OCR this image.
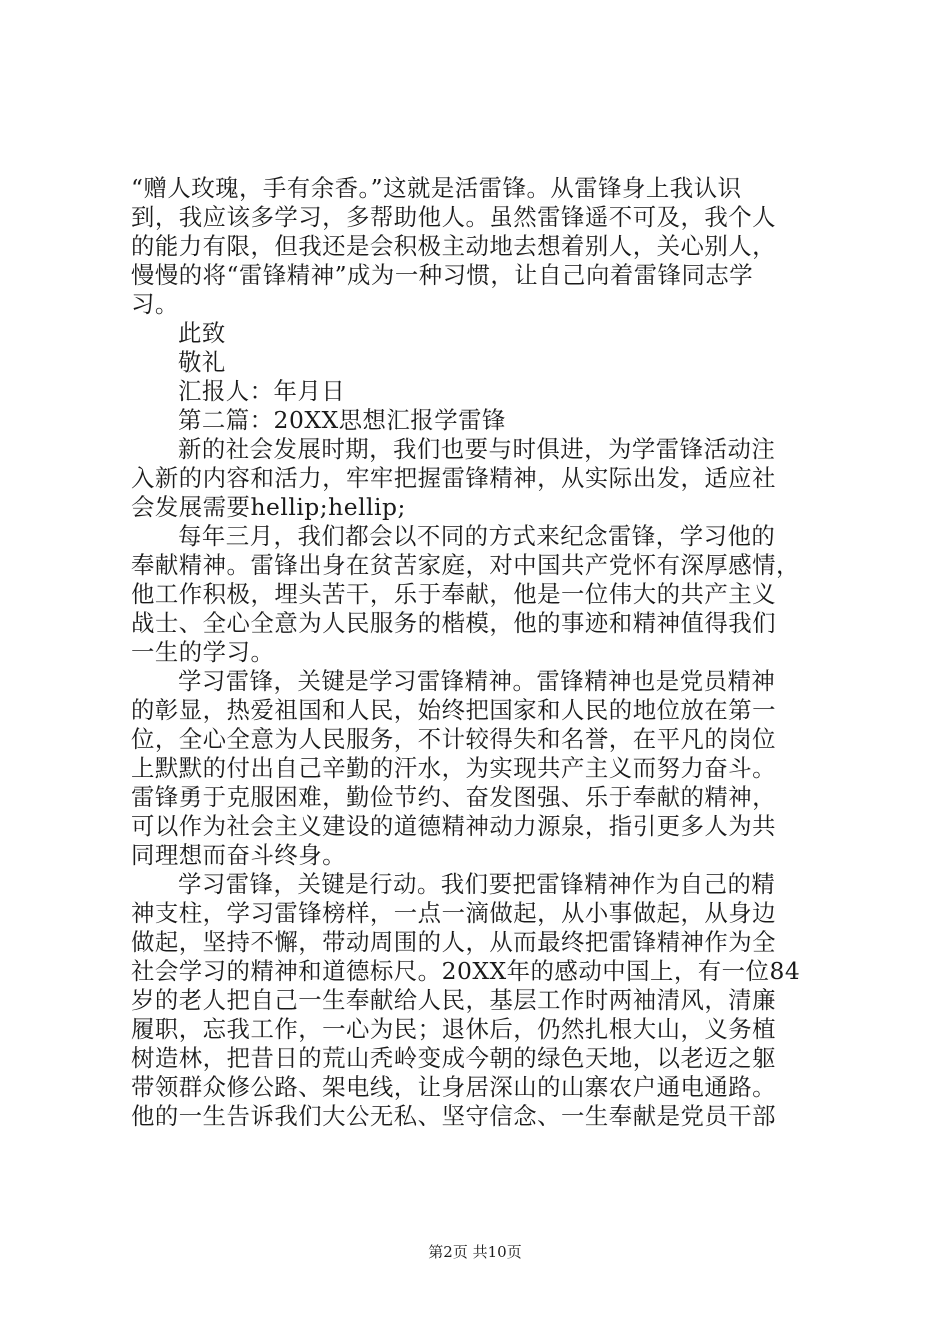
“赠人玫瑰，手有余香。”这就是活雷锋。从雷锋身上我认识
到，我应该多学习，多帮助他人。虽然雷锋遥不可及，我个人
的能力有限，但我还是会积极主动地去想着别人，关心别人，
慢慢的将“雷锋精神”成为一种习惯，让自己向着雷锋同志学
习。
此致
敬礼
汇报人：年月日
第二篇：20XX思想汇报学雷锋
新的社会发展时期，我们也要与时俱进，为学雷锋活动注
入新的内容和活力，牢牢把握雷锋精神，从实际出发，适应社
会发展需要hellip;hellip;
每年三月，我们都会以不同的方式来纪念雷锋，学习他的
奉献精神。雷锋出身在贫苦家庭，对中国共产党怀有深厚感情，
他工作积极，埋头苦干，乐于奉献，他是一位伟大的共产主义
战士、全心全意为人民服务的楷模，他的事迹和精神值得我们
一生的学习。
学习雷锋，关键是学习雷锋精神。雷锋精神也是党员精神
的彰显，热爱祖国和人民，始终把国家和人民的地位放在第一
位，全心全意为人民服务，不计较得失和名誉，在平凡的岗位
上默默的付出自己辛勤的汗水，为实现共产主义而努力奋斗。
雷锋勇于克服困难，勤俭节约、奋发图强、乐于奉献的精神，
可以作为社会主义建设的道德精神动力源泉，指引更多人为共
同理想而奋斗终身。
学习雷锋，关键是行动。我们要把雷锋精神作为自己的精
神支柱，学习雷锋榜样，一点一滴做起，从小事做起，从身边
做起，坚持不懈，带动周围的人，从而最终把雷锋精神作为全
社会学习的精神和道德标尺。20XX年的感动中国上，有一位84
岁的老人把自己一生奉献给人民，基层工作时两袖清风，清廉
履职，忘我工作，一心为民；退休后，仍然扎根大山，义务植
树造林，把昔日的荒山秃岭变成今朝的绿色天地，以老迈之躯
带领群众修公路、架电线，让身居深山的山寨农户通电通路。
他的一生告诉我们大公无私、坚守信念、一生奉献是党员干部
第2页 共10页
